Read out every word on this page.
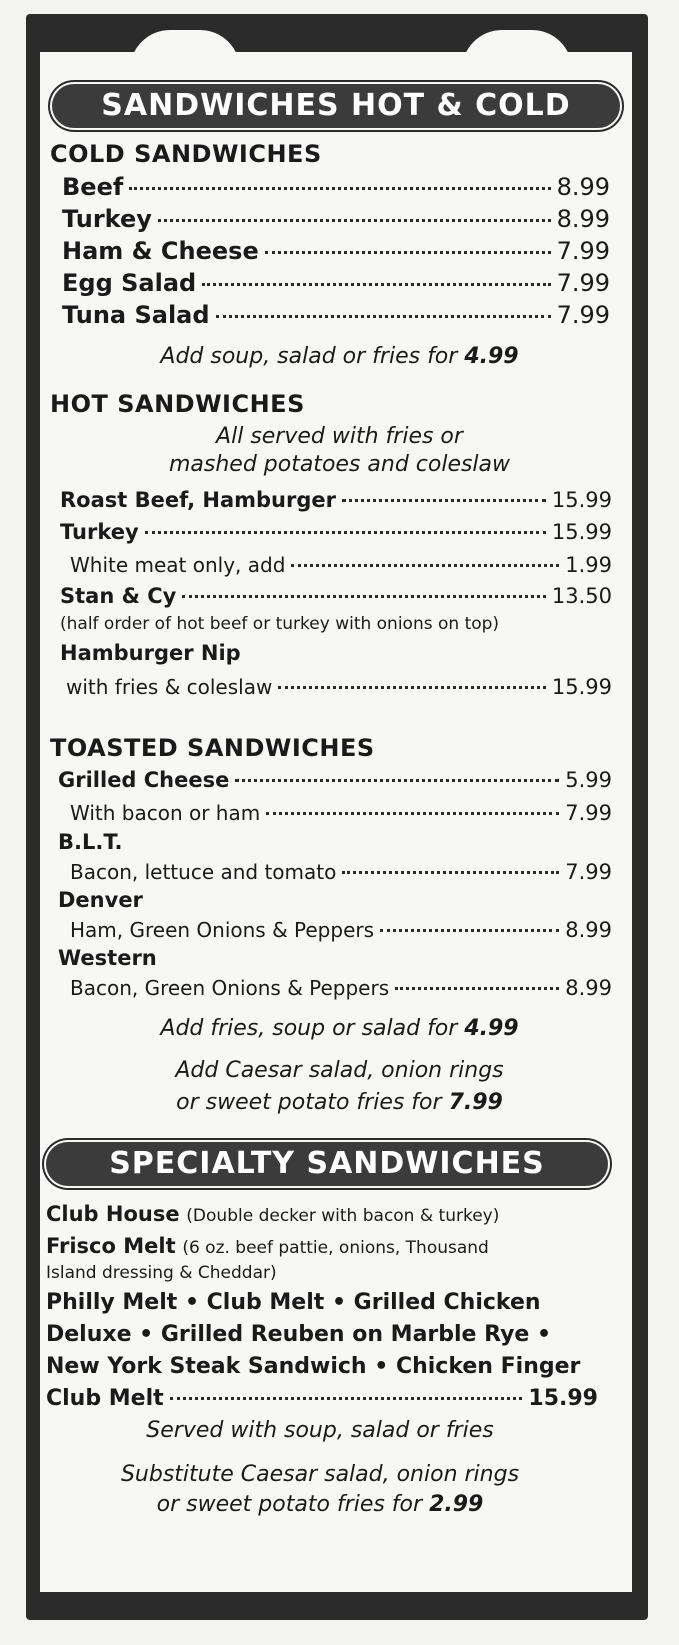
SANDWICHES HOT & COLD
COLD SANDWICHES
Beef	8.99
Turkey	8.99
Ham & Cheese	7.99
Egg Salad	7.99
Tuna Salad	7.99
Add soup, salad or fries for 4.99
HOT SANDWICHES
All served with fries or
mashed potatoes and coleslaw
Roast Beef, Hamburger	15.99
Turkey	15.99
White meat only, add	1.99
Stan & Cy	13.50
(half order of hot beef or turkey with onions on top)
Hamburger Nip
with fries & coleslaw	15.99
TOASTED SANDWICHES
Grilled Cheese	5.99
With bacon or ham	7.99
B.L.T.
Bacon, lettuce and tomato	7.99
Denver
Ham, Green Onions & Peppers	8.99
Western
Bacon, Green Onions & Peppers	8.99
Add fries, soup or salad for 4.99
Add Caesar salad, onion rings
or sweet potato fries for 7.99
SPECIALTY SANDWICHES
Club House (Double decker with bacon & turkey)
Frisco Melt (6 oz. beef pattie, onions, Thousand
Island dressing & Cheddar)
Philly Melt • Club Melt • Grilled Chicken
Deluxe • Grilled Reuben on Marble Rye •
New York Steak Sandwich • Chicken Finger
Club Melt	15.99
Served with soup, salad or fries
Substitute Caesar salad, onion rings
or sweet potato fries for 2.99
